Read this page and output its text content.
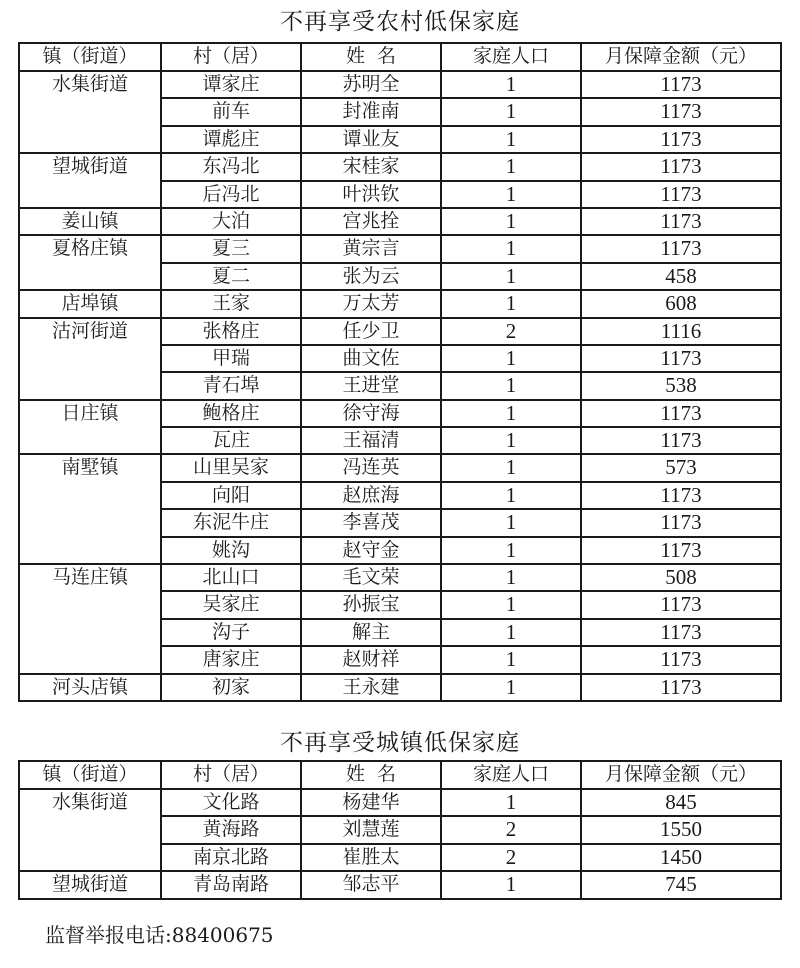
不再享受农村低保家庭
镇（街道）	村（居）	姓  名	家庭人口	月保障金额（元）
水集街道	谭家庄	苏明全	1	1173
	前车	封准南	1	1173
	谭彪庄	谭业友	1	1173
望城街道	东冯北	宋桂家	1	1173
	后冯北	叶洪钦	1	1173
姜山镇	大泊	宫兆拴	1	1173
夏格庄镇	夏三	黄宗言	1	1173
	夏二	张为云	1	458
店埠镇	王家	万太芳	1	608
沽河街道	张格庄	任少卫	2	1116
	甲瑞	曲文佐	1	1173
	青石埠	王进堂	1	538
日庄镇	鲍格庄	徐守海	1	1173
	瓦庄	王福清	1	1173
南墅镇	山里吴家	冯连英	1	573
	向阳	赵庶海	1	1173
	东泥牛庄	李喜茂	1	1173
	姚沟	赵守金	1	1173
马连庄镇	北山口	毛文荣	1	508
	吴家庄	孙振宝	1	1173
	沟子	解主	1	1173
	唐家庄	赵财祥	1	1173
河头店镇	初家	王永建	1	1173
不再享受城镇低保家庭
镇（街道）	村（居）	姓  名	家庭人口	月保障金额（元）
水集街道	文化路	杨建华	1	845
	黄海路	刘慧莲	2	1550
	南京北路	崔胜太	2	1450
望城街道	青岛南路	邹志平	1	745
监督举报电话:88400675
